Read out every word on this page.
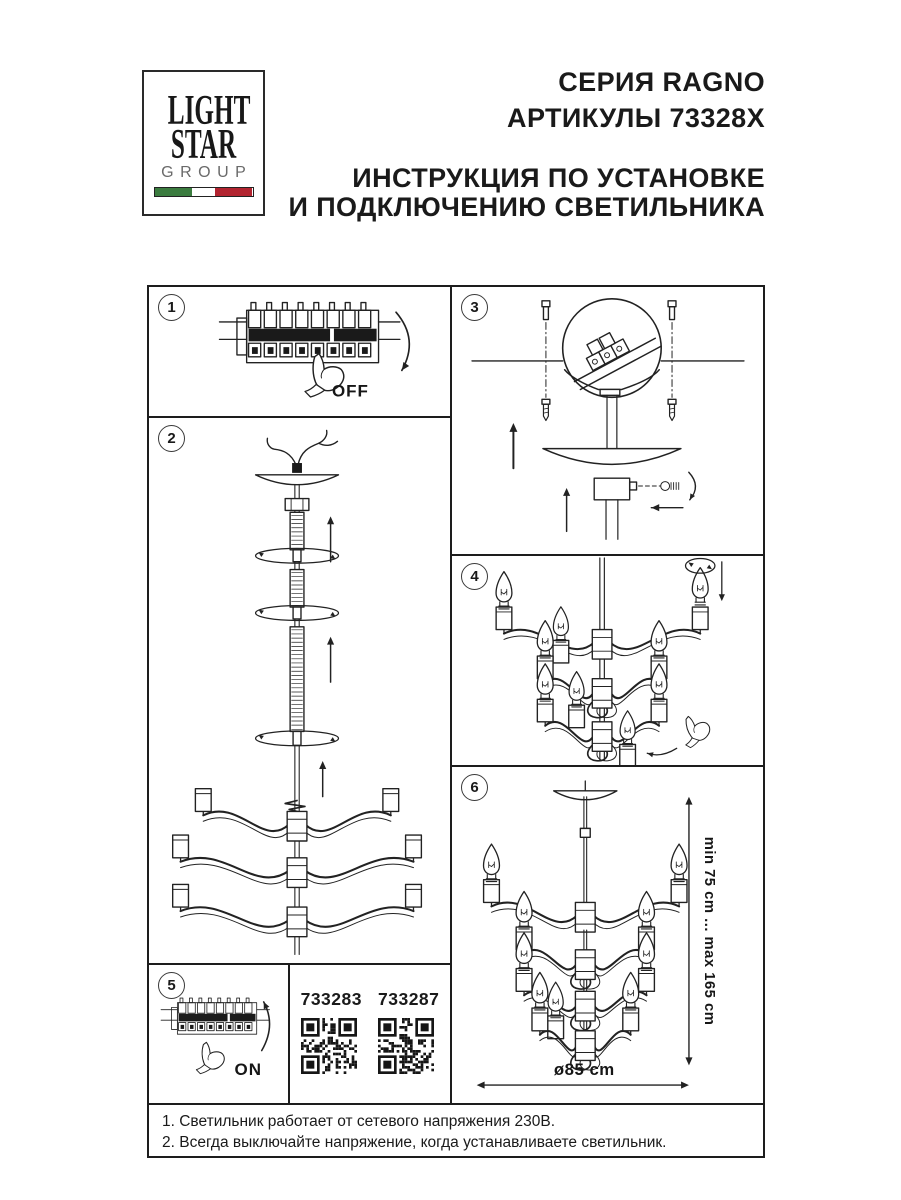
LIGHT
STAR
GROUP
СЕРИЯ RAGNO
АРТИКУЛЫ 73328X
ИНСТРУКЦИЯ ПО УСТАНОВКЕ
И ПОДКЛЮЧЕНИЮ СВЕТИЛЬНИКА
OFF
1
2
ON
5
733283 733287
3
4
min 75 cm ... max 165 cm
ø85 cm
6
1. Светильник работает от сетевого напряжения 230В.
2. Всегда выключайте напряжение, когда устанавливаете светильник.
